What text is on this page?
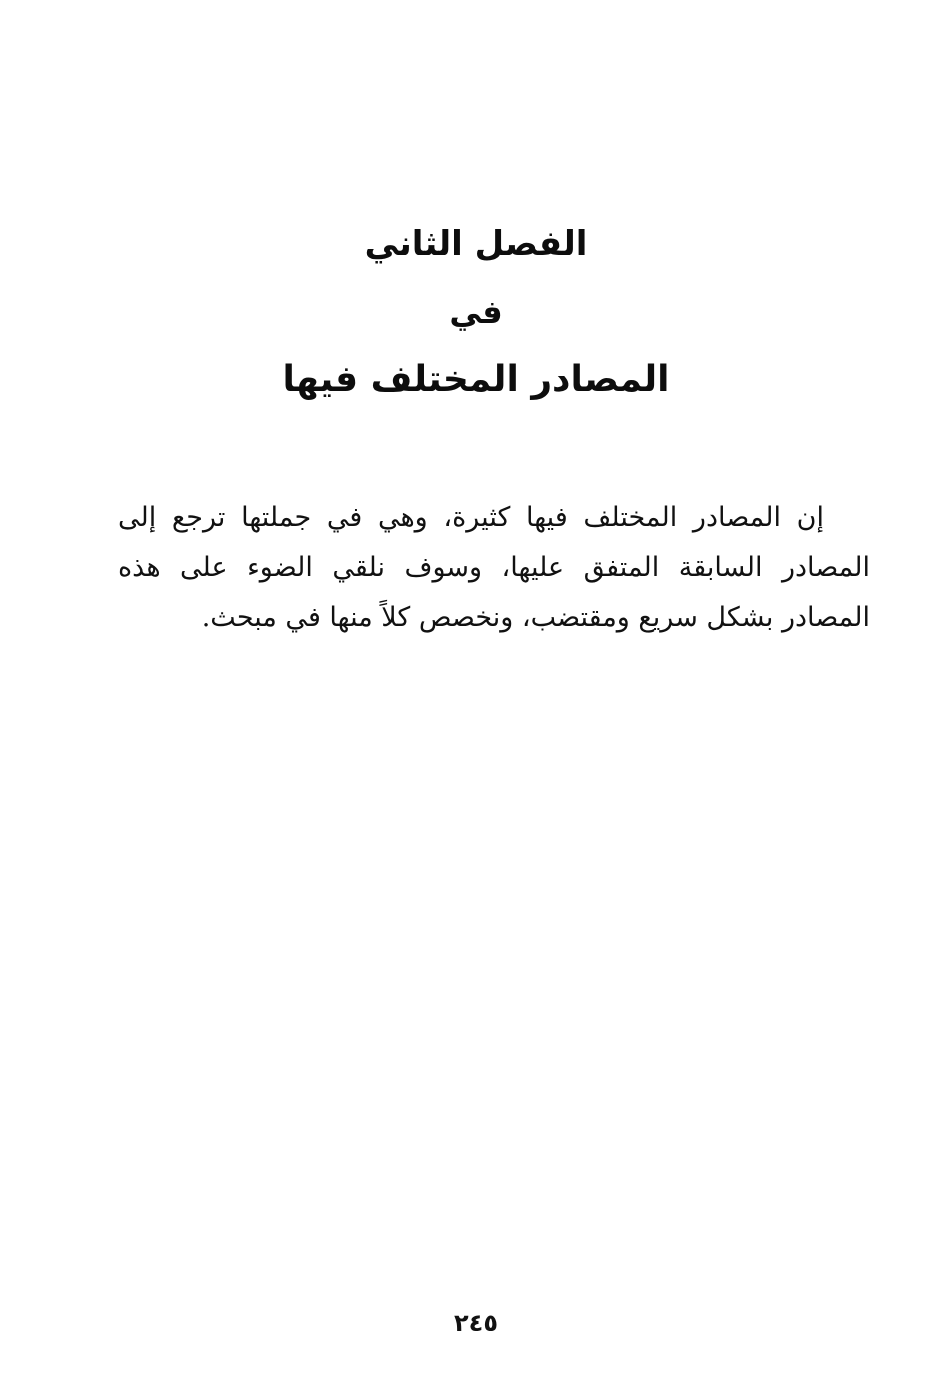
الفصل الثاني
في
المصادر المختلف فيها

إن المصادر المختلف فيها كثيرة، وهي في جملتها ترجع إلى المصادر السابقة المتفق عليها، وسوف نلقي الضوء على هذه المصادر بشكل سريع ومقتضب، ونخصص كلاً منها في مبحث.

٢٤٥
